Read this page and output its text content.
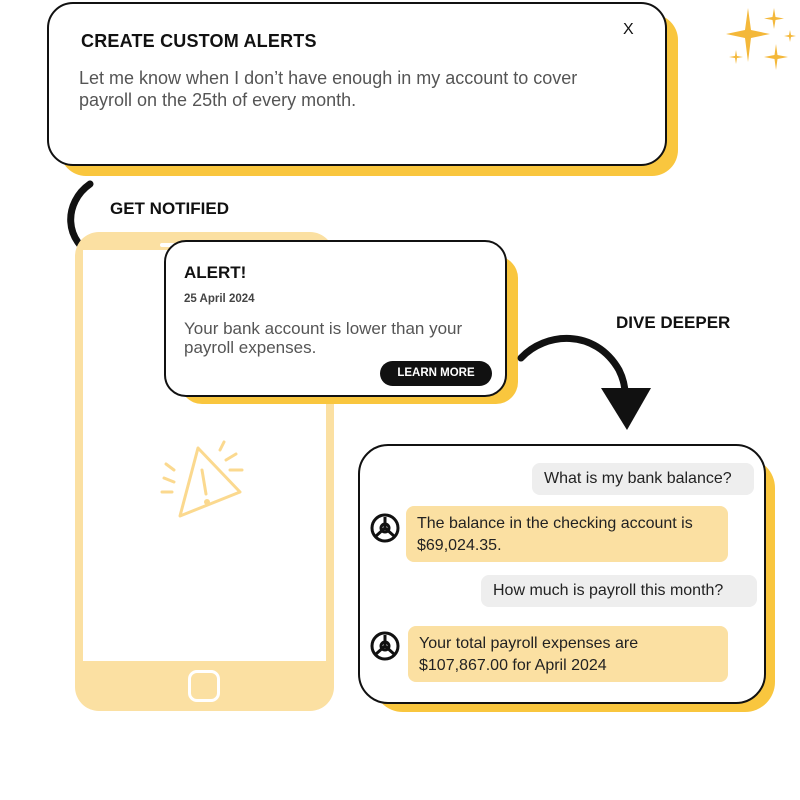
CREATE CUSTOM ALERTS
Let me know when I don’t have enough in my account to cover payroll on the 25th of every month.
X
GET NOTIFIED
ALERT!
25 April 2024
Your bank account is lower than your payroll expenses.
LEARN MORE
DIVE DEEPER
What is my bank balance?
The balance in the checking account is $69,024.35.
How much is payroll this month?
Your total payroll expenses are $107,867.00 for April 2024
